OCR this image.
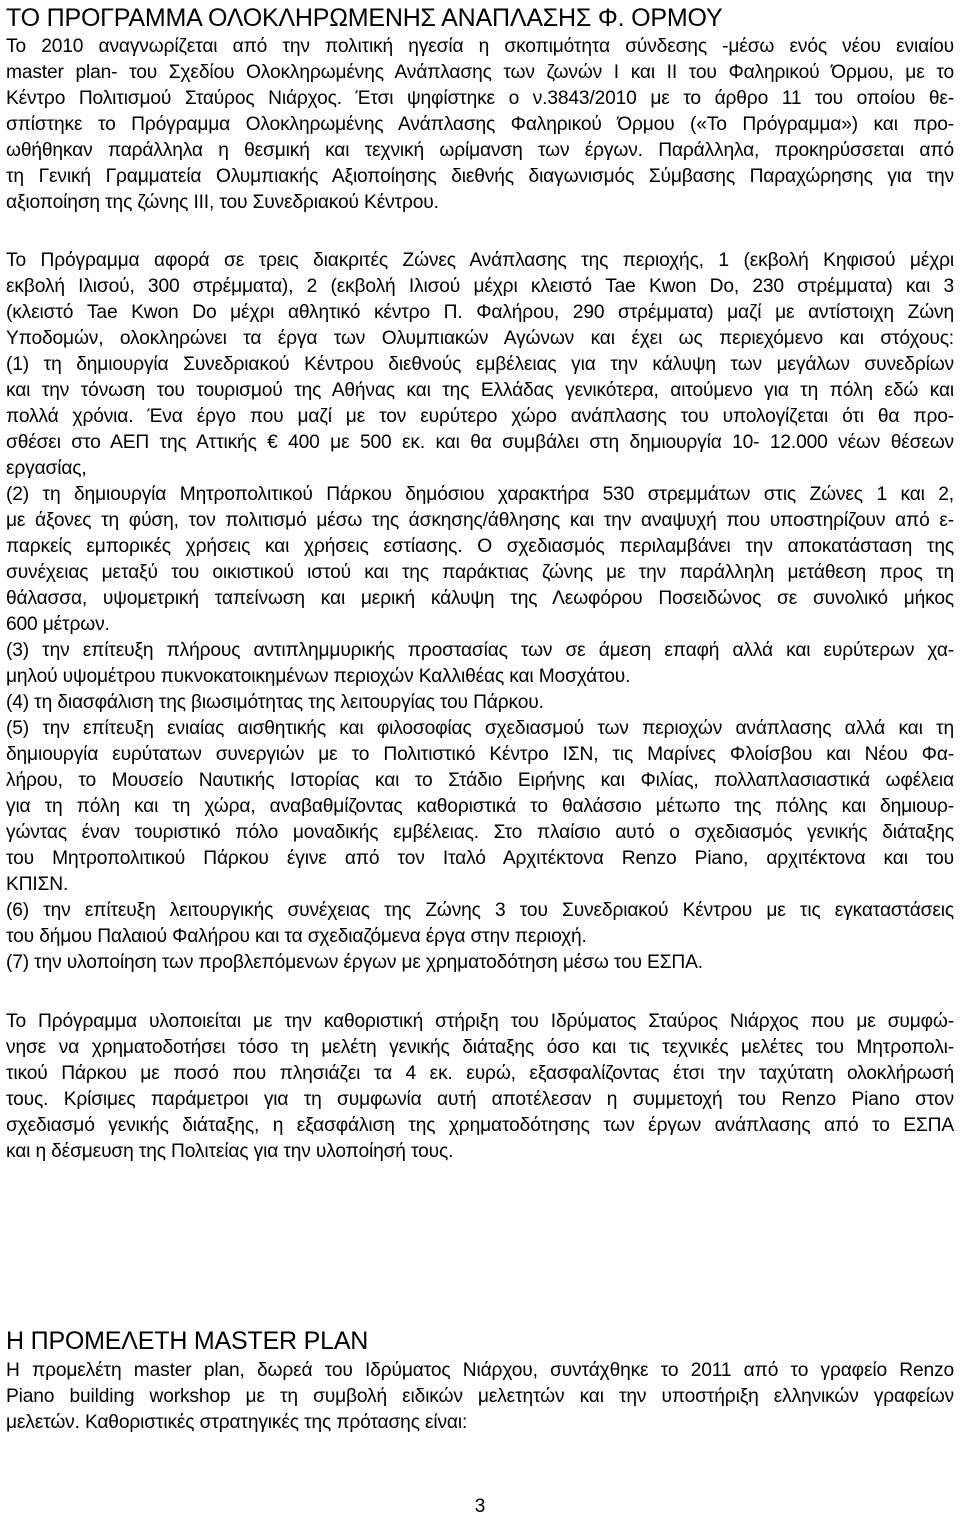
ΤΟ ΠΡΟΓΡΑΜΜΑ ΟΛΟΚΛΗΡΩΜΕΝΗΣ ΑΝΑΠΛΑΣΗΣ Φ. ΟΡΜΟΥ
Το 2010 αναγνωρίζεται από την πολιτική ηγεσία η σκοπιμότητα σύνδεσης -μέσω ενός νέου ενιαίου
master plan- του Σχεδίου Ολοκληρωμένης Ανάπλασης των ζωνών I και II του Φαληρικού Όρμου, με το
Κέντρο Πολιτισμού Σταύρος Νιάρχος. Έτσι ψηφίστηκε ο ν.3843/2010 με το άρθρο 11 του οποίου θε-
σπίστηκε το Πρόγραμμα Ολοκληρωμένης Ανάπλασης Φαληρικού Όρμου («Το Πρόγραμμα») και προ-
ωθήθηκαν παράλληλα η θεσμική και τεχνική ωρίμανση των έργων. Παράλληλα, προκηρύσσεται από
τη Γενική Γραμματεία Ολυμπιακής Αξιοποίησης διεθνής διαγωνισμός Σύμβασης Παραχώρησης για την
αξιοποίηση της ζώνης III, του Συνεδριακού Κέντρου.
Το Πρόγραμμα αφορά σε τρεις διακριτές Ζώνες Ανάπλασης της περιοχής, 1 (εκβολή Κηφισού μέχρι
εκβολή Ιλισού, 300 στρέμματα), 2 (εκβολή Ιλισού μέχρι κλειστό Tae Kwon Do, 230 στρέμματα) και 3
(κλειστό Tae Kwon Do μέχρι αθλητικό κέντρο Π. Φαλήρου, 290 στρέμματα) μαζί με αντίστοιχη Ζώνη
Υποδομών, ολοκληρώνει τα έργα των Ολυμπιακών Αγώνων και έχει ως περιεχόμενο και στόχους:
(1) τη δημιουργία Συνεδριακού Κέντρου διεθνούς εμβέλειας για την κάλυψη των μεγάλων συνεδρίων
και την τόνωση του τουρισμού της Αθήνας και της Ελλάδας γενικότερα, αιτούμενο για τη πόλη εδώ και
πολλά χρόνια. Ένα έργο που μαζί με τον ευρύτερο χώρο ανάπλασης του υπολογίζεται ότι θα προ-
σθέσει στο ΑΕΠ της Αττικής € 400 με 500 εκ. και θα συμβάλει στη δημιουργία 10- 12.000 νέων θέσεων
εργασίας,
(2) τη δημιουργία Μητροπολιτικού Πάρκου δημόσιου χαρακτήρα 530 στρεμμάτων στις Ζώνες 1 και 2,
με άξονες τη φύση, τον πολιτισμό μέσω της άσκησης/άθλησης και την αναψυχή που υποστηρίζουν από ε-
παρκείς εμπορικές χρήσεις και χρήσεις εστίασης. Ο σχεδιασμός περιλαμβάνει την αποκατάσταση της
συνέχειας μεταξύ του οικιστικού ιστού και της παράκτιας ζώνης με την παράλληλη μετάθεση προς τη
θάλασσα, υψομετρική ταπείνωση και μερική κάλυψη της Λεωφόρου Ποσειδώνος σε συνολικό μήκος
600 μέτρων.
(3) την επίτευξη πλήρους αντιπλημμυρικής προστασίας των σε άμεση επαφή αλλά και ευρύτερων χα-
μηλού υψομέτρου πυκνοκατοικημένων περιοχών Καλλιθέας και Μοσχάτου.
(4) τη διασφάλιση της βιωσιμότητας της λειτουργίας του Πάρκου.
(5) την επίτευξη ενιαίας αισθητικής και φιλοσοφίας σχεδιασμού των περιοχών ανάπλασης αλλά και τη
δημιουργία ευρύτατων συνεργιών με το Πολιτιστικό Κέντρο ΙΣΝ, τις Μαρίνες Φλοίσβου και Νέου Φα-
λήρου, το Μουσείο Ναυτικής Ιστορίας και το Στάδιο Ειρήνης και Φιλίας, πολλαπλασιαστικά ωφέλεια
για τη πόλη και τη χώρα, αναβαθμίζοντας καθοριστικά το θαλάσσιο μέτωπο της πόλης και δημιουρ-
γώντας έναν τουριστικό πόλο μοναδικής εμβέλειας. Στο πλαίσιο αυτό ο σχεδιασμός γενικής διάταξης
του Μητροπολιτικού Πάρκου έγινε από τον Ιταλό Αρχιτέκτονα Renzo Piano, αρχιτέκτονα και του
ΚΠΙΣΝ.
(6) την επίτευξη λειτουργικής συνέχειας της Ζώνης 3 του Συνεδριακού Κέντρου με τις εγκαταστάσεις
του δήμου Παλαιού Φαλήρου και τα σχεδιαζόμενα έργα στην περιοχή.
(7) την υλοποίηση των προβλεπόμενων έργων με χρηματοδότηση μέσω του ΕΣΠΑ.
Το Πρόγραμμα υλοποιείται με την καθοριστική στήριξη του Ιδρύματος Σταύρος Νιάρχος που με συμφώ-
νησε να χρηματοδοτήσει τόσο τη μελέτη γενικής διάταξης όσο και τις τεχνικές μελέτες του Μητροπολι-
τικού Πάρκου με ποσό που πλησιάζει τα 4 εκ. ευρώ, εξασφαλίζοντας έτσι την ταχύτατη ολοκλήρωσή
τους. Κρίσιμες παράμετροι για τη συμφωνία αυτή αποτέλεσαν η συμμετοχή του Renzo Piano στον
σχεδιασμό γενικής διάταξης, η εξασφάλιση της χρηματοδότησης των έργων ανάπλασης από το ΕΣΠΑ
και η δέσμευση της Πολιτείας για την υλοποίησή τους.
Η ΠΡΟΜΕΛΕΤΗ MASTER PLAN
Η προμελέτη master plan, δωρεά του Ιδρύματος Νιάρχου, συντάχθηκε το 2011 από το γραφείο Renzo
Piano building workshop με τη συμβολή ειδικών μελετητών και την υποστήριξη ελληνικών γραφείων
μελετών. Καθοριστικές στρατηγικές της πρότασης είναι:
3
